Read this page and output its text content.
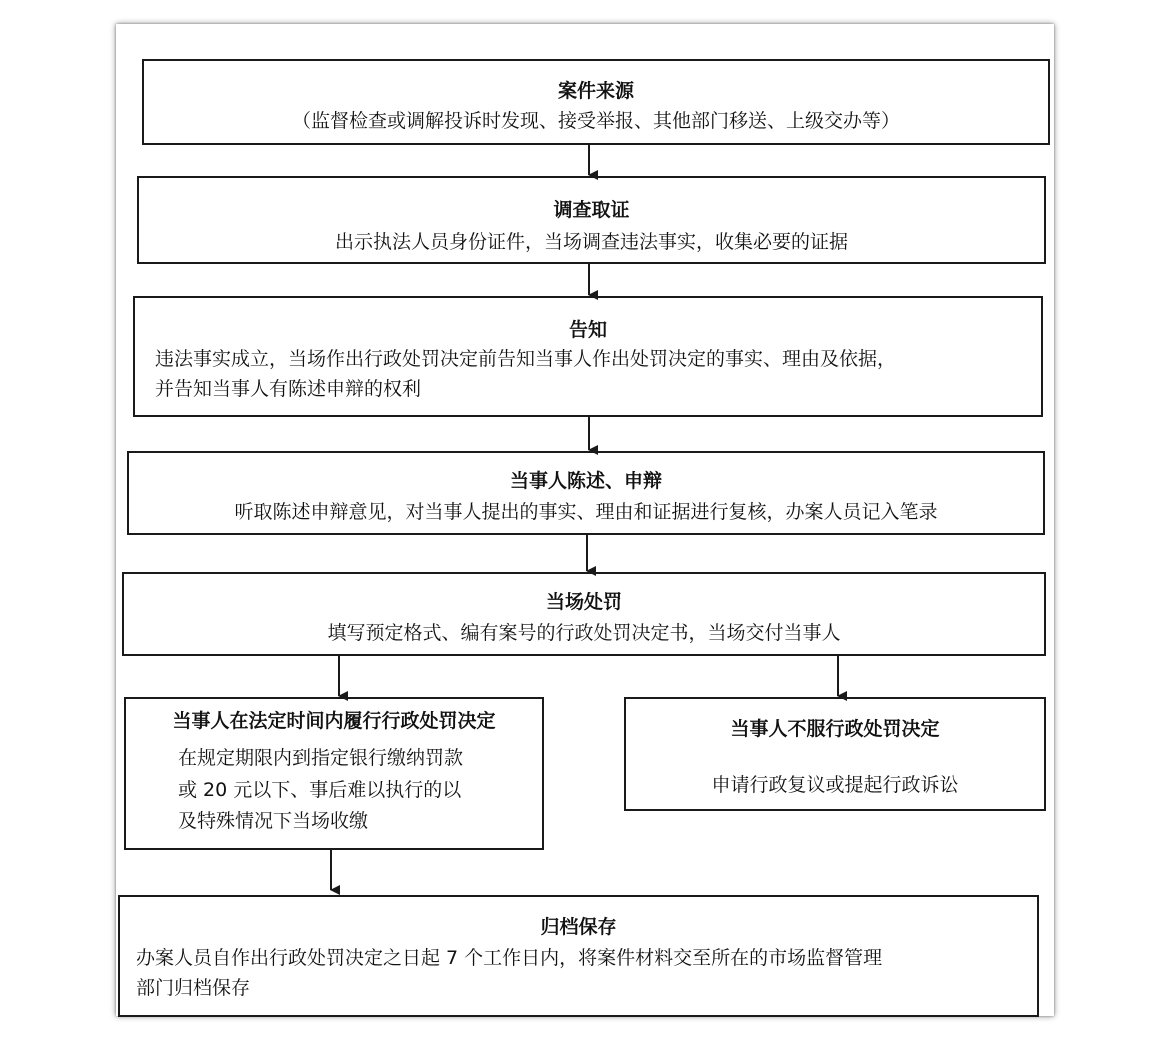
案件来源
（监督检查或调解投诉时发现、接受举报、其他部门移送、上级交办等）
调查取证
出示执法人员身份证件，当场调查违法事实，收集必要的证据
告知
违法事实成立，当场作出行政处罚决定前告知当事人作出处罚决定的事实、理由及依据，
并告知当事人有陈述申辩的权利
当事人陈述、申辩
听取陈述申辩意见，对当事人提出的事实、理由和证据进行复核，办案人员记入笔录
当场处罚
填写预定格式、编有案号的行政处罚决定书，当场交付当事人
当事人在法定时间内履行行政处罚决定
在规定期限内到指定银行缴纳罚款
或 20 元以下、事后难以执行的以
及特殊情况下当场收缴
当事人不服行政处罚决定
申请行政复议或提起行政诉讼
归档保存
办案人员自作出行政处罚决定之日起 7 个工作日内，将案件材料交至所在的市场监督管理
部门归档保存
